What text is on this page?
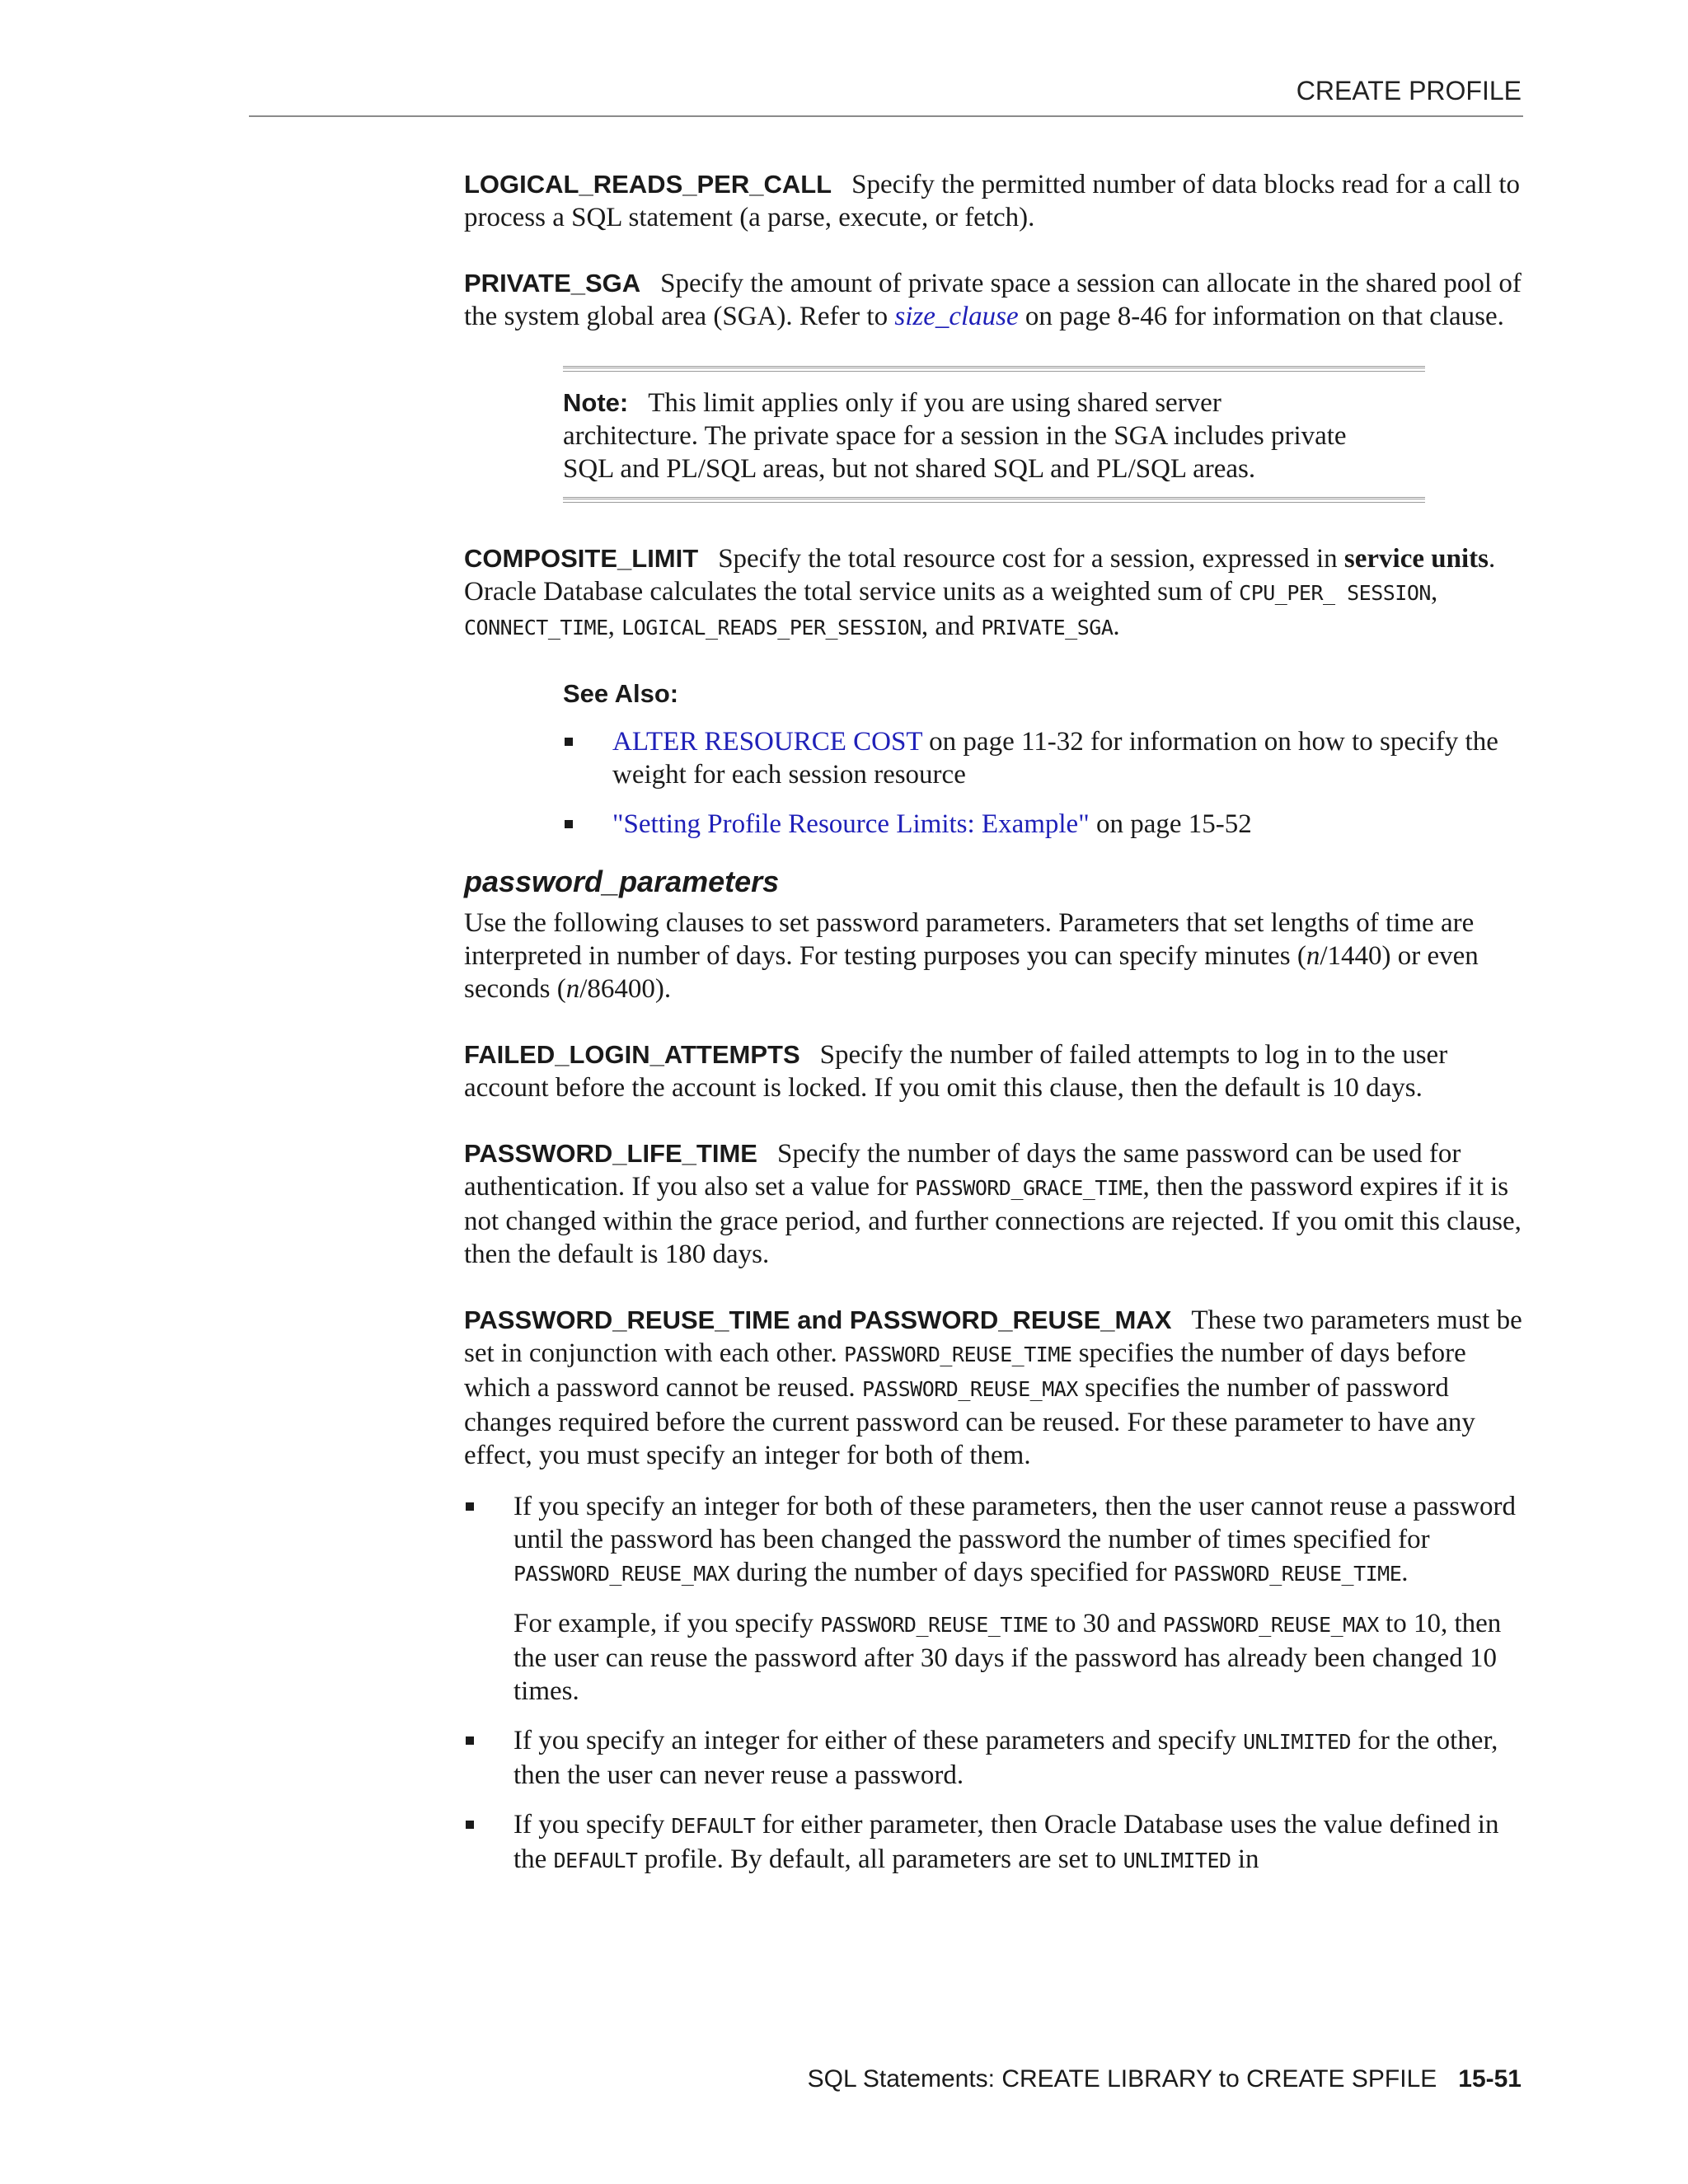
CREATE PROFILE

LOGICAL_READS_PER_CALL Specify the permitted number of data blocks read for a call to process a SQL statement (a parse, execute, or fetch).

PRIVATE_SGA Specify the amount of private space a session can allocate in the shared pool of the system global area (SGA). Refer to size_clause on page 8-46 for information on that clause.

Note: This limit applies only if you are using shared server architecture. The private space for a session in the SGA includes private SQL and PL/SQL areas, but not shared SQL and PL/SQL areas.

COMPOSITE_LIMIT Specify the total resource cost for a session, expressed in service units. Oracle Database calculates the total service units as a weighted sum of CPU_PER_ SESSION, CONNECT_TIME, LOGICAL_READS_PER_SESSION, and PRIVATE_SGA.

See Also:
ALTER RESOURCE COST on page 11-32 for information on how to specify the weight for each session resource
"Setting Profile Resource Limits: Example" on page 15-52
password_parameters

Use the following clauses to set password parameters. Parameters that set lengths of time are interpreted in number of days. For testing purposes you can specify minutes (n/1440) or even seconds (n/86400).

FAILED_LOGIN_ATTEMPTS Specify the number of failed attempts to log in to the user account before the account is locked. If you omit this clause, then the default is 10 days.

PASSWORD_LIFE_TIME Specify the number of days the same password can be used for authentication. If you also set a value for PASSWORD_GRACE_TIME, then the password expires if it is not changed within the grace period, and further connections are rejected. If you omit this clause, then the default is 180 days.

PASSWORD_REUSE_TIME and PASSWORD_REUSE_MAX These two parameters must be set in conjunction with each other. PASSWORD_REUSE_TIME specifies the number of days before which a password cannot be reused. PASSWORD_REUSE_MAX specifies the number of password changes required before the current password can be reused. For these parameter to have any effect, you must specify an integer for both of them.

If you specify an integer for both of these parameters, then the user cannot reuse a password until the password has been changed the password the number of times specified for PASSWORD_REUSE_MAX during the number of days specified for PASSWORD_REUSE_TIME.

For example, if you specify PASSWORD_REUSE_TIME to 30 and PASSWORD_REUSE_MAX to 10, then the user can reuse the password after 30 days if the password has already been changed 10 times.

If you specify an integer for either of these parameters and specify UNLIMITED for the other, then the user can never reuse a password.
If you specify DEFAULT for either parameter, then Oracle Database uses the value defined in the DEFAULT profile. By default, all parameters are set to UNLIMITED in
SQL Statements: CREATE LIBRARY to CREATE SPFILE 15-51
